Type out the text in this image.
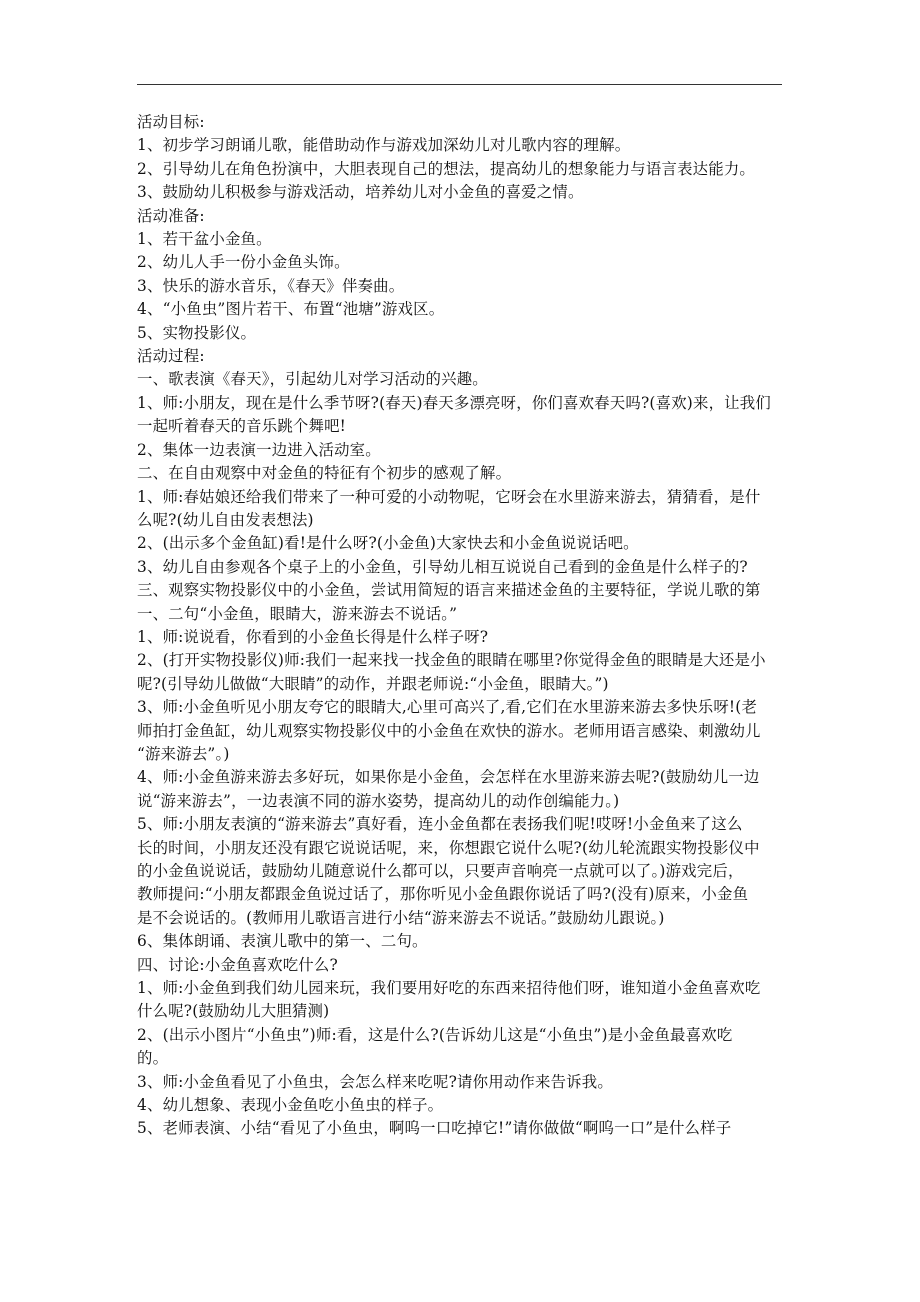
活动目标:
1、初步学习朗诵儿歌，能借助动作与游戏加深幼儿对儿歌内容的理解。
2、引导幼儿在角色扮演中，大胆表现自己的想法，提高幼儿的想象能力与语言表达能力。
3、鼓励幼儿积极参与游戏活动，培养幼儿对小金鱼的喜爱之情。
活动准备:
1、若干盆小金鱼。
2、幼儿人手一份小金鱼头饰。
3、快乐的游水音乐，《春天》伴奏曲。
4、“小鱼虫”图片若干、布置“池塘”游戏区。
5、实物投影仪。
活动过程:
一、歌表演《春天》，引起幼儿对学习活动的兴趣。
1、师:小朋友，现在是什么季节呀?(春天)春天多漂亮呀，你们喜欢春天吗?(喜欢)来，让我们
一起听着春天的音乐跳个舞吧!
2、集体一边表演一边进入活动室。
二、在自由观察中对金鱼的特征有个初步的感观了解。
1、师:春姑娘还给我们带来了一种可爱的小动物呢，它呀会在水里游来游去，猜猜看，是什
么呢?(幼儿自由发表想法)
2、(出示多个金鱼缸)看!是什么呀?(小金鱼)大家快去和小金鱼说说话吧。
3、幼儿自由参观各个桌子上的小金鱼，引导幼儿相互说说自己看到的金鱼是什么样子的?
三、观察实物投影仪中的小金鱼，尝试用简短的语言来描述金鱼的主要特征，学说儿歌的第
一、二句“小金鱼，眼睛大，游来游去不说话。”
1、师:说说看，你看到的小金鱼长得是什么样子呀?
2、(打开实物投影仪)师:我们一起来找一找金鱼的眼睛在哪里?你觉得金鱼的眼睛是大还是小
呢?(引导幼儿做做“大眼睛”的动作，并跟老师说:“小金鱼，眼睛大。”)
3、师:小金鱼听见小朋友夸它的眼睛大,心里可高兴了,看,它们在水里游来游去多快乐呀!(老
师拍打金鱼缸，幼儿观察实物投影仪中的小金鱼在欢快的游水。老师用语言感染、刺激幼儿
“游来游去”。)
4、师:小金鱼游来游去多好玩，如果你是小金鱼，会怎样在水里游来游去呢?(鼓励幼儿一边
说“游来游去”，一边表演不同的游水姿势，提高幼儿的动作创编能力。)
5、师:小朋友表演的“游来游去”真好看，连小金鱼都在表扬我们呢!哎呀!小金鱼来了这么
长的时间，小朋友还没有跟它说说话呢，来，你想跟它说什么呢?(幼儿轮流跟实物投影仪中
的小金鱼说说话，鼓励幼儿随意说什么都可以，只要声音响亮一点就可以了。)游戏完后，
教师提问:“小朋友都跟金鱼说过话了，那你听见小金鱼跟你说话了吗?(没有)原来，小金鱼
是不会说话的。(教师用儿歌语言进行小结“游来游去不说话。”鼓励幼儿跟说。)
6、集体朗诵、表演儿歌中的第一、二句。
四、讨论:小金鱼喜欢吃什么?
1、师:小金鱼到我们幼儿园来玩，我们要用好吃的东西来招待他们呀，谁知道小金鱼喜欢吃
什么呢?(鼓励幼儿大胆猜测)
2、(出示小图片“小鱼虫”)师:看，这是什么?(告诉幼儿这是“小鱼虫”)是小金鱼最喜欢吃
的。
3、师:小金鱼看见了小鱼虫，会怎么样来吃呢?请你用动作来告诉我。
4、幼儿想象、表现小金鱼吃小鱼虫的样子。
5、老师表演、小结“看见了小鱼虫，啊呜一口吃掉它!”请你做做“啊呜一口”是什么样子
